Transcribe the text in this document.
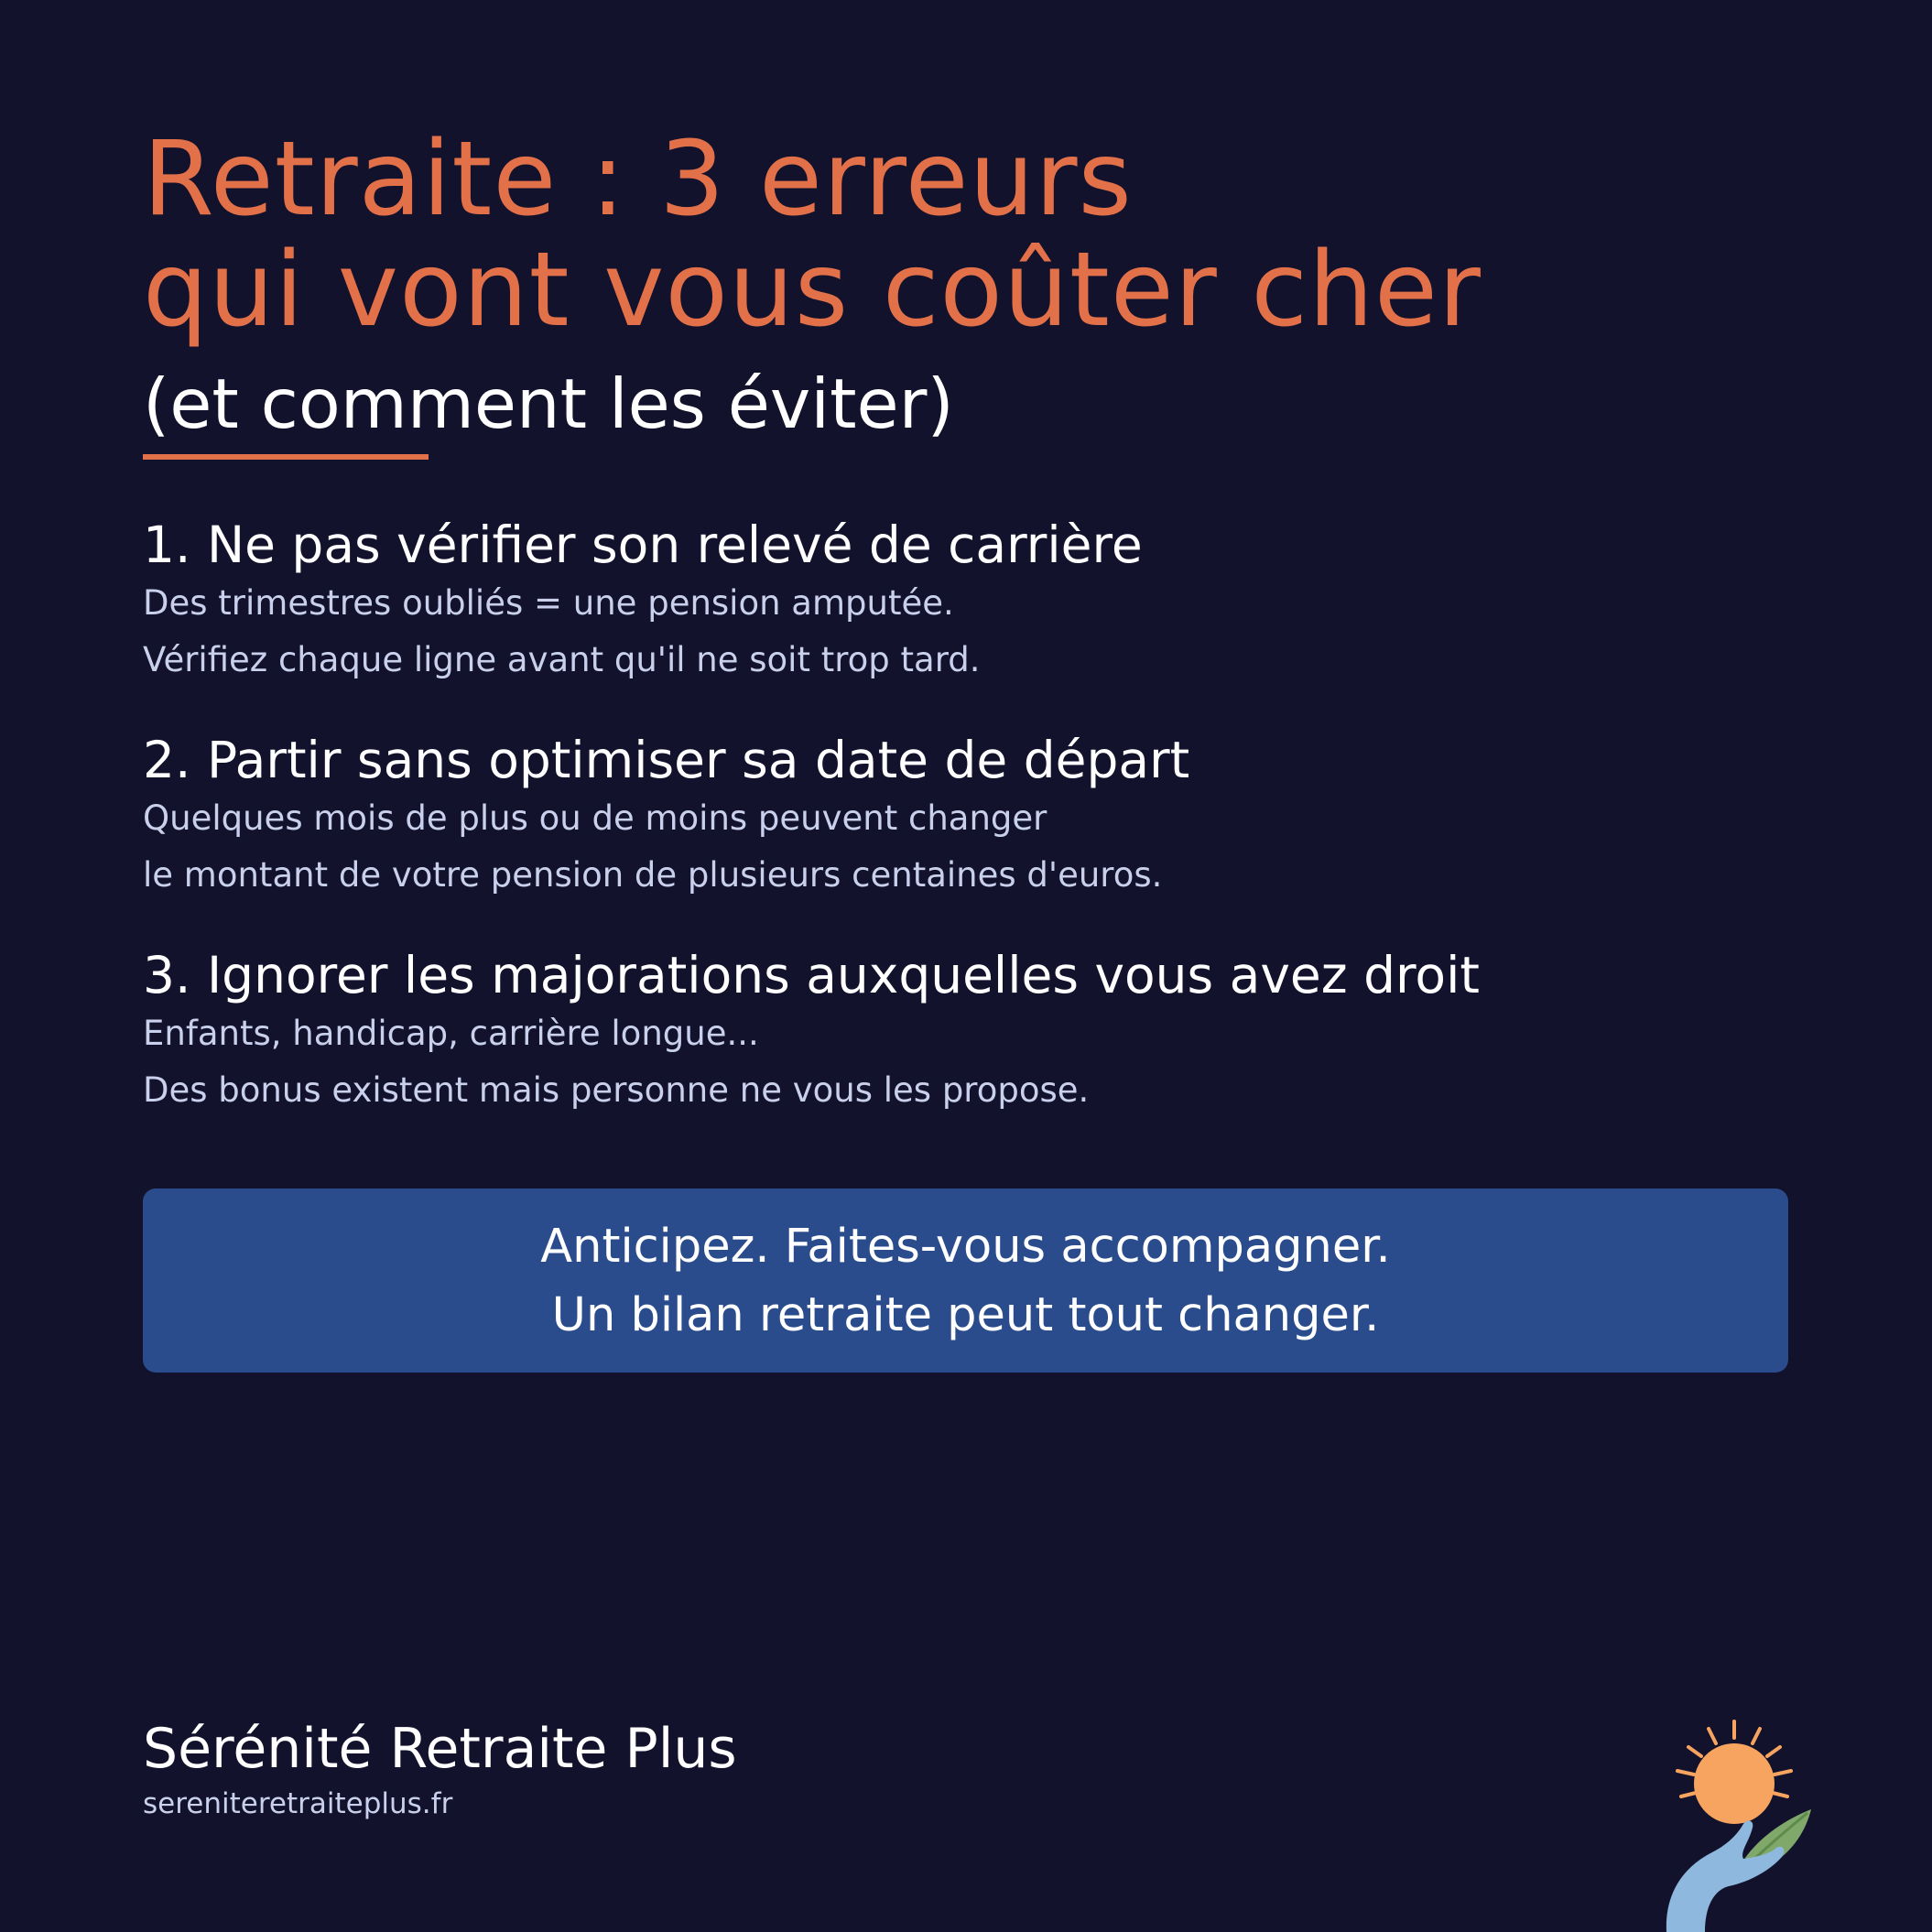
Retraite : 3 erreurs
qui vont vous coûter cher
(et comment les éviter)
1. Ne pas vérifier son relevé de carrière
Des trimestres oubliés = une pension amputée.
Vérifiez chaque ligne avant qu'il ne soit trop tard.
2. Partir sans optimiser sa date de départ
Quelques mois de plus ou de moins peuvent changer
le montant de votre pension de plusieurs centaines d'euros.
3. Ignorer les majorations auxquelles vous avez droit
Enfants, handicap, carrière longue...
Des bonus existent mais personne ne vous les propose.
Anticipez. Faites-vous accompagner.
Un bilan retraite peut tout changer.
Sérénité Retraite Plus
sereniteretraiteplus.fr
